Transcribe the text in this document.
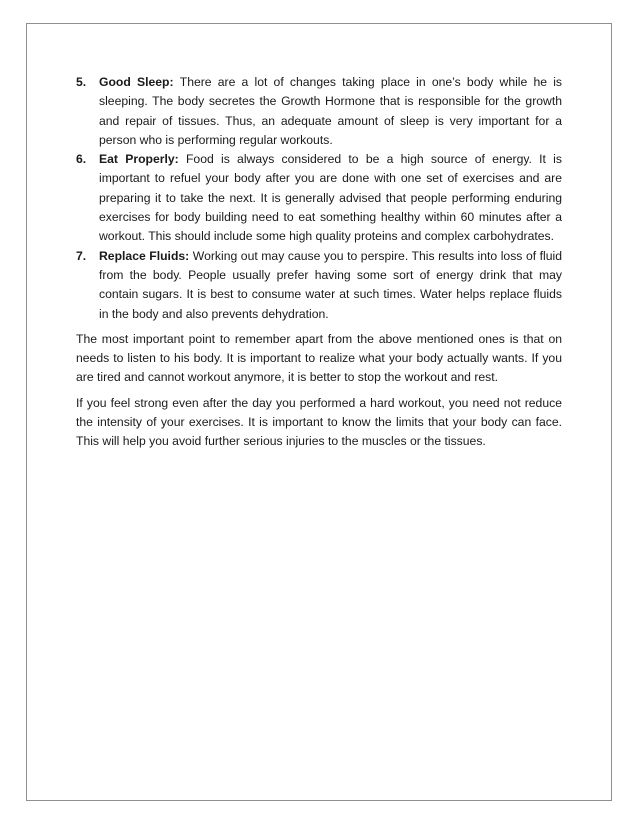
5. Good Sleep: There are a lot of changes taking place in one’s body while he is sleeping. The body secretes the Growth Hormone that is responsible for the growth and repair of tissues. Thus, an adequate amount of sleep is very important for a person who is performing regular workouts.
6. Eat Properly: Food is always considered to be a high source of energy. It is important to refuel your body after you are done with one set of exercises and are preparing it to take the next. It is generally advised that people performing enduring exercises for body building need to eat something healthy within 60 minutes after a workout. This should include some high quality proteins and complex carbohydrates.
7. Replace Fluids: Working out may cause you to perspire. This results into loss of fluid from the body. People usually prefer having some sort of energy drink that may contain sugars. It is best to consume water at such times. Water helps replace fluids in the body and also prevents dehydration.

The most important point to remember apart from the above mentioned ones is that on needs to listen to his body. It is important to realize what your body actually wants. If you are tired and cannot workout anymore, it is better to stop the workout and rest.

If you feel strong even after the day you performed a hard workout, you need not reduce the intensity of your exercises. It is important to know the limits that your body can face. This will help you avoid further serious injuries to the muscles or the tissues.
